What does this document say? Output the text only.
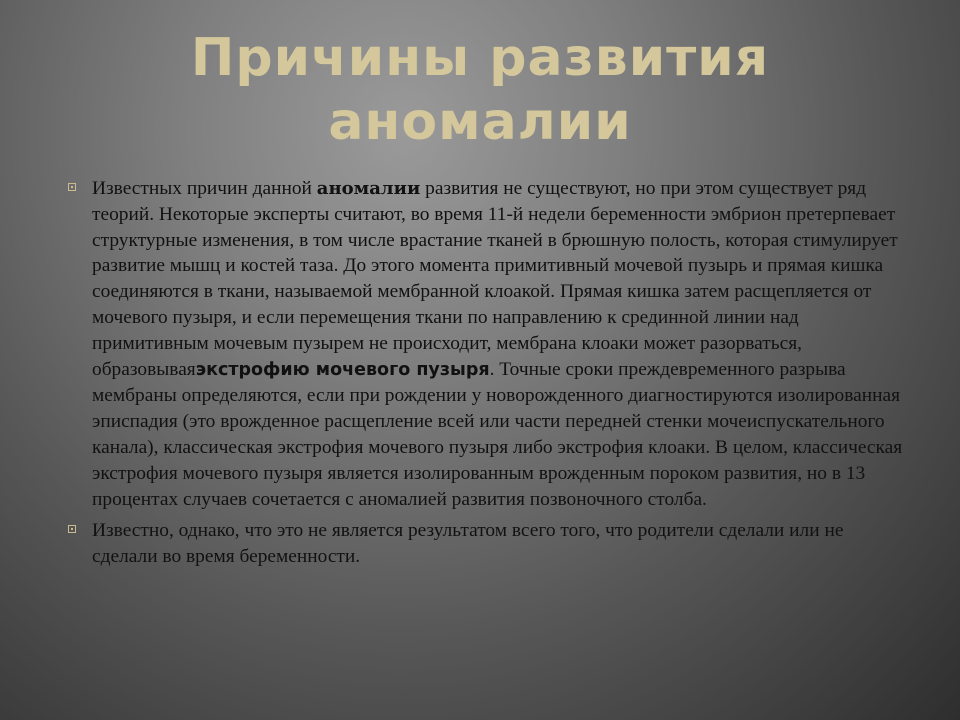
Причины развития аномалии

Известных причин данной аномалии развития не существуют, но при этом существует ряд теорий. Некоторые эксперты считают, во время 11-й недели беременности эмбрион претерпевает структурные изменения, в том числе врастание тканей в брюшную полость, которая стимулирует развитие мышц и костей таза. До этого момента примитивный мочевой пузырь и прямая кишка соединяются в ткани, называемой мембранной клоакой. Прямая кишка затем расщепляется от мочевого пузыря, и если перемещения ткани по направлению к срединной линии над примитивным мочевым пузырем не происходит, мембрана клоаки может разорваться, образовываяэкстрофию мочевого пузыря. Точные сроки преждевременного разрыва мембраны определяются, если при рождении у новорожденного диагностируются изолированная эписпадия (это врожденное расщепление всей или части передней стенки мочеиспускательного канала), классическая экстрофия мочевого пузыря либо экстрофия клоаки. В целом, классическая экстрофия мочевого пузыря является изолированным врожденным пороком развития, но в 13 процентах случаев сочетается с аномалией развития позвоночного столба.

Известно, однако, что это не является результатом всего того, что родители сделали или не сделали во время беременности.
